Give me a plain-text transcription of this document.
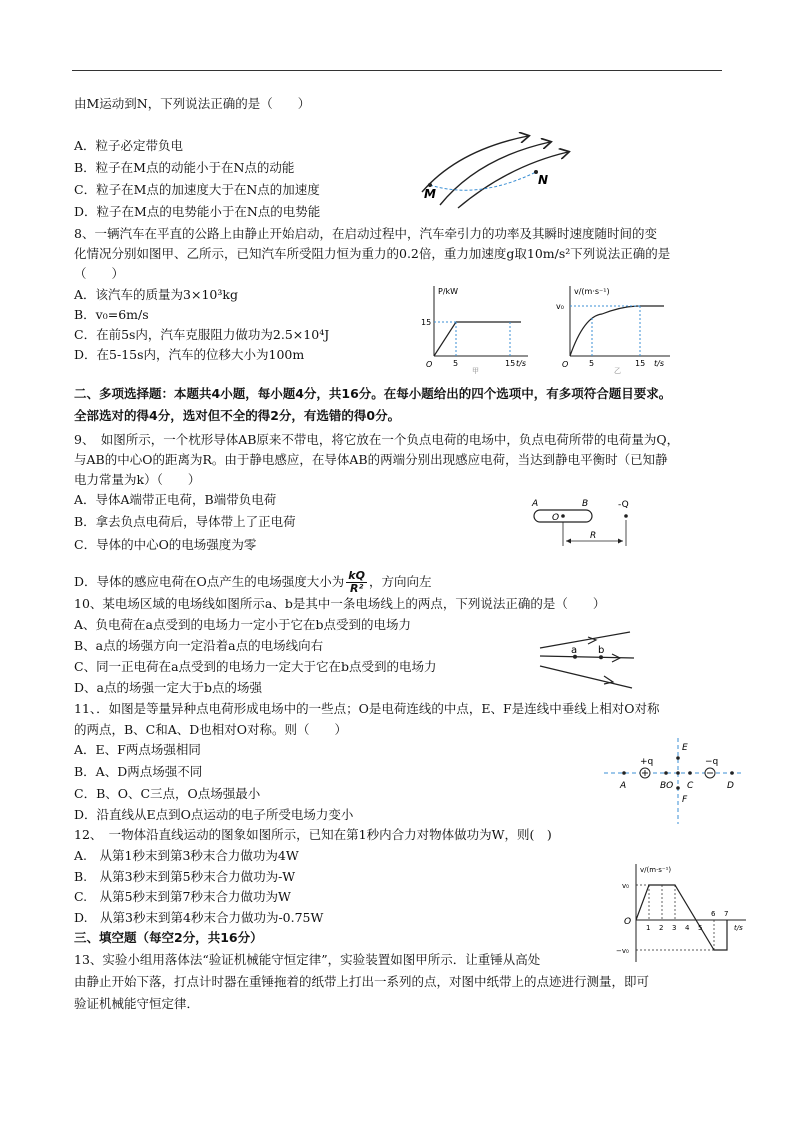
由M运动到N，下列说法正确的是（　　）
A．粒子必定带负电
B．粒子在M点的动能小于在N点的动能
C．粒子在M点的加速度大于在N点的加速度
D．粒子在M点的电势能小于在N点的电势能
M
N
8、一辆汽车在平直的公路上由静止开始启动，在启动过程中，汽车牵引力的功率及其瞬时速度随时间的变
化情况分别如图甲、乙所示，已知汽车所受阻力恒为重力的0.2倍，重力加速度g取10m/s²下列说法正确的是
（　　）
A．该汽车的质量为3×10³kg
B．v₀=6m/s
C．在前5s内，汽车克服阻力做功为2.5×10⁴J
D．在5-15s内，汽车的位移大小为100m
P/kW
15
O	5	15 t/s
甲
v/(m·s⁻¹)
v₀
O	5	15 t/s
乙
二、多项选择题：本题共4小题，每小题4分，共16分。在每小题给出的四个选项中，有多项符合题目要求。
全部选对的得4分，选对但不全的得2分，有选错的得0分。
9、　如图所示，一个枕形导体AB原来不带电，将它放在一个负点电荷的电场中，负点电荷所带的电荷量为Q，
与AB的中心O的距离为R。由于静电感应，在导体AB的两端分别出现感应电荷，当达到静电平衡时（已知静
电力常量为k）（　　）
A．导体A端带正电荷，B端带负电荷
B．拿去负点电荷后，导体带上了正电荷
C．导体的中心O的电场强度为零
D．导体的感应电荷在O点产生的电场强度大小为 $\frac{kQ}{\text{R²}}$ ，方向向左
A	B
O
-Q
R
10、某电场区域的电场线如图所示a、b是其中一条电场线上的两点，下列说法正确的是（　　）
A、负电荷在a点受到的电场力一定小于它在b点受到的电场力
B、a点的场强方向一定沿着a点的电场线向右
C、同一正电荷在a点受到的电场力一定大于它在b点受到的电场力
D、a点的场强一定大于b点的场强
a b
11、．如图是等量异种点电荷形成电场中的一些点；O是电荷连线的中点，E、F是连线中垂线上相对O对称
的两点，B、C和A、D也相对O对称。则（　　）
A．E、F两点场强相同
B．A、D两点场强不同
C．B、O、C三点，O点场强最小
D．沿直线从E点到O点运动的电子所受电场力变小
E
F
A	BO C	D
+q	−q
12、　一物体沿直线运动的图象如图所示，已知在第1秒内合力对物体做功为W，则(　)
A.　从第1秒末到第3秒末合力做功为4W
B.　从第3秒末到第5秒末合力做功为-W
C.　从第5秒末到第7秒末合力做功为W
D.　从第3秒末到第4秒末合力做功为-0.75W
v/(m·s⁻¹)
v₀
−v₀
O
1 2 3 4 5
6 7
t/s
三、填空题（每空2分，共16分）
13、实验小组用落体法“验证机械能守恒定律”，实验装置如图甲所示．让重锤从高处
由静止开始下落，打点计时器在重锤拖着的纸带上打出一系列的点，对图中纸带上的点迹进行测量，即可
验证机械能守恒定律．
